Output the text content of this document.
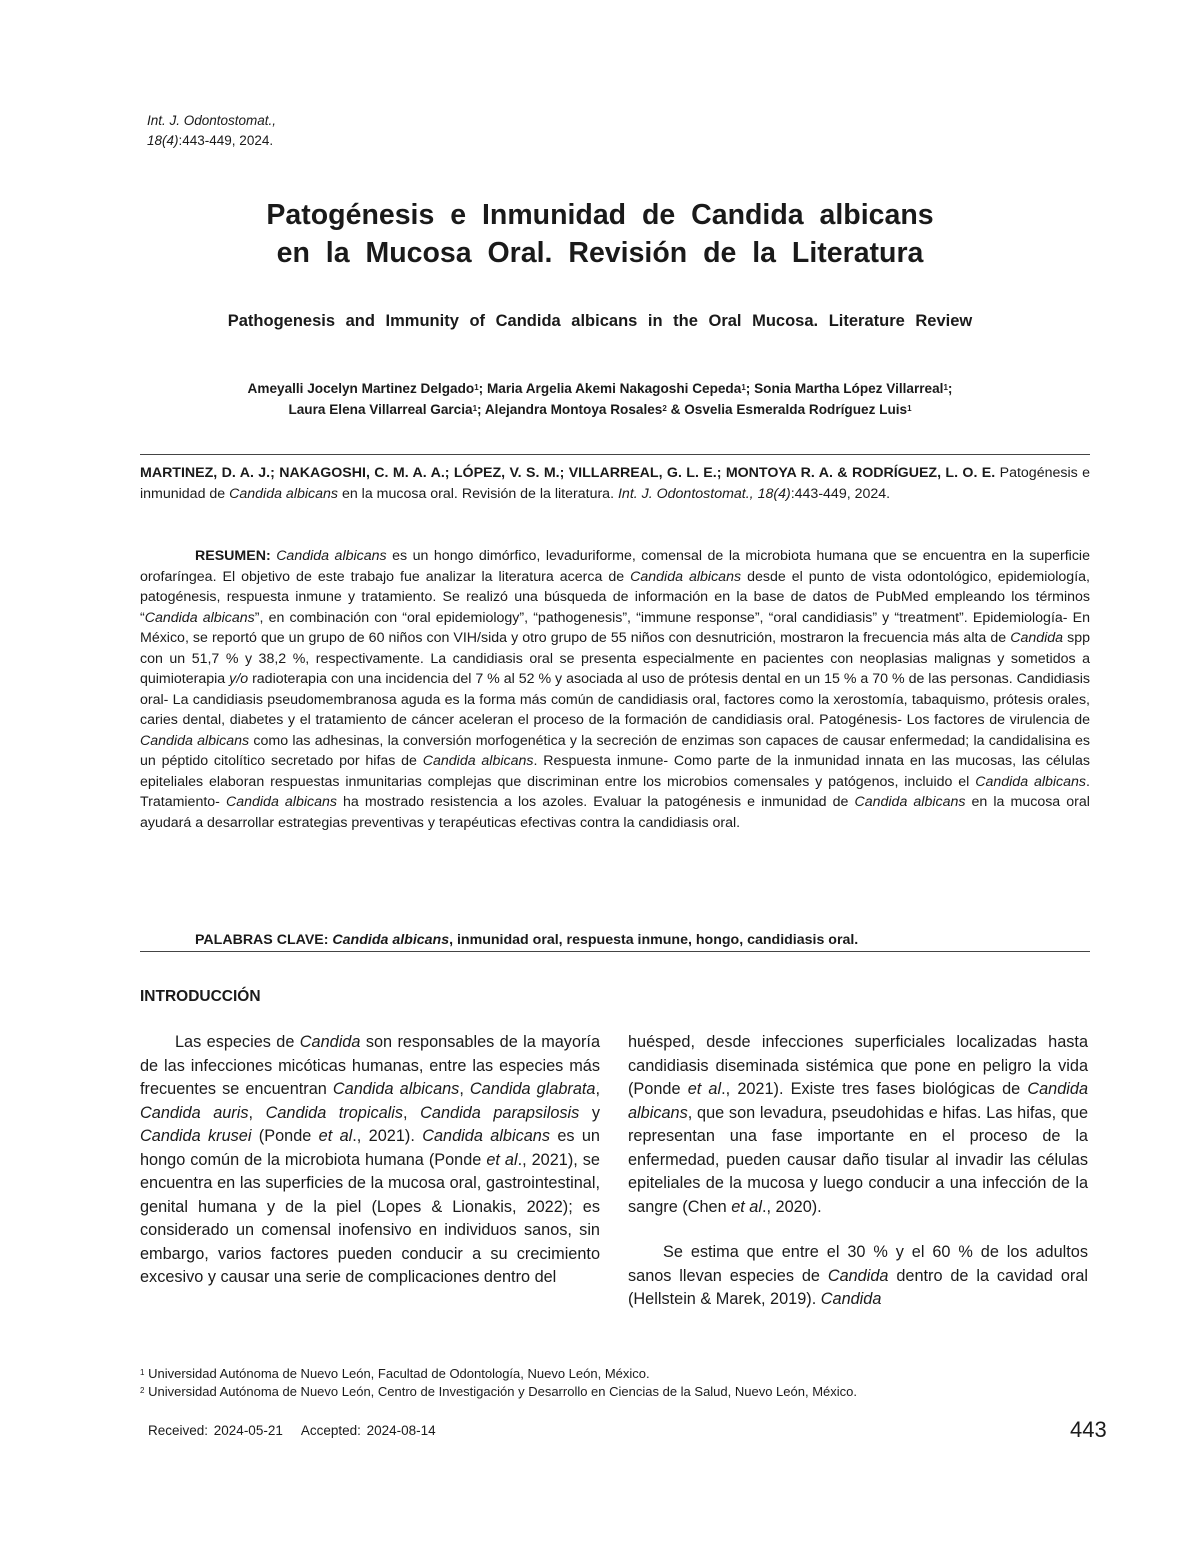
Int. J. Odontostomat.,
18(4):443-449, 2024.
Patogénesis e Inmunidad de Candida albicans
en la Mucosa Oral. Revisión de la Literatura
Pathogenesis and Immunity of Candida albicans in the Oral Mucosa. Literature Review
Ameyalli Jocelyn Martinez Delgado$^1$; Maria Argelia Akemi Nakagoshi Cepeda$^1$; Sonia Martha López Villarreal$^1$;
Laura Elena Villarreal Garcia$^1$; Alejandra Montoya Rosales$^2$ & Osvelia Esmeralda Rodríguez Luis$^1$
MARTINEZ, D. A. J.; NAKAGOSHI, C. M. A. A.; LÓPEZ, V. S. M.; VILLARREAL, G. L. E.; MONTOYA R. A. & RODRÍGUEZ, L. O. E. Patogénesis e inmunidad de Candida albicans en la mucosa oral. Revisión de la literatura. Int. J. Odontostomat., 18(4):443-449, 2024.
RESUMEN: Candida albicans es un hongo dimórfico, levaduriforme, comensal de la microbiota humana que se encuentra en la superficie orofaríngea. El objetivo de este trabajo fue analizar la literatura acerca de Candida albicans desde el punto de vista odontológico, epidemiología, patogénesis, respuesta inmune y tratamiento. Se realizó una búsqueda de información en la base de datos de PubMed empleando los términos “Candida albicans”, en combinación con “oral epidemiology”, “pathogenesis”, “immune response”, “oral candidiasis” y “treatment”. Epidemiología- En México, se reportó que un grupo de 60 niños con VIH/sida y otro grupo de 55 niños con desnutrición, mostraron la frecuencia más alta de Candida spp con un 51,7 % y 38,2 %, respectivamente. La candidiasis oral se presenta especialmente en pacientes con neoplasias malignas y sometidos a quimioterapia y/o radioterapia con una incidencia del 7 % al 52 % y asociada al uso de prótesis dental en un 15 % a 70 % de las personas. Candidiasis oral- La candidiasis pseudomembranosa aguda es la forma más común de candidiasis oral, factores como la xerostomía, tabaquismo, prótesis orales, caries dental, diabetes y el tratamiento de cáncer aceleran el proceso de la formación de candidiasis oral. Patogénesis- Los factores de virulencia de Candida albicans como las adhesinas, la conversión morfogenética y la secreción de enzimas son capaces de causar enfermedad; la candidalisina es un péptido citolítico secretado por hifas de Candida albicans. Respuesta inmune- Como parte de la inmunidad innata en las mucosas, las células epiteliales elaboran respuestas inmunitarias complejas que discriminan entre los microbios comensales y patógenos, incluido el Candida albicans. Tratamiento- Candida albicans ha mostrado resistencia a los azoles. Evaluar la patogénesis e inmunidad de Candida albicans en la mucosa oral ayudará a desarrollar estrategias preventivas y terapéuticas efectivas contra la candidiasis oral.
PALABRAS CLAVE: Candida albicans, inmunidad oral, respuesta inmune, hongo, candidiasis oral.
INTRODUCCIÓN

Las especies de Candida son responsables de la mayoría de las infecciones micóticas humanas, entre las especies más frecuentes se encuentran Candida albicans, Candida glabrata, Candida auris, Candida tropicalis, Candida parapsilosis y Candida krusei (Ponde et al., 2021). Candida albicans es un hongo común de la microbiota humana (Ponde et al., 2021), se encuentra en las superficies de la mucosa oral, gastrointestinal, genital humana y de la piel (Lopes & Lionakis, 2022); es considerado un comensal inofensivo en individuos sanos, sin embargo, varios factores pueden conducir a su crecimiento excesivo y causar una serie de complicaciones dentro del

huésped, desde infecciones superficiales localizadas hasta candidiasis diseminada sistémica que pone en peligro la vida (Ponde et al., 2021). Existe tres fases biológicas de Candida albicans, que son levadura, pseudohidas e hifas. Las hifas, que representan una fase importante en el proceso de la enfermedad, pueden causar daño tisular al invadir las células epiteliales de la mucosa y luego conducir a una infección de la sangre (Chen et al., 2020).

Se estima que entre el 30 % y el 60 % de los adultos sanos llevan especies de Candida dentro de la cavidad oral (Hellstein & Marek, 2019). Candida

$^1$ Universidad Autónoma de Nuevo León, Facultad de Odontología, Nuevo León, México.
$^2$ Universidad Autónoma de Nuevo León, Centro de Investigación y Desarrollo en Ciencias de la Salud, Nuevo León, México.
Received: 2024-05-21 Accepted: 2024-08-14	443
